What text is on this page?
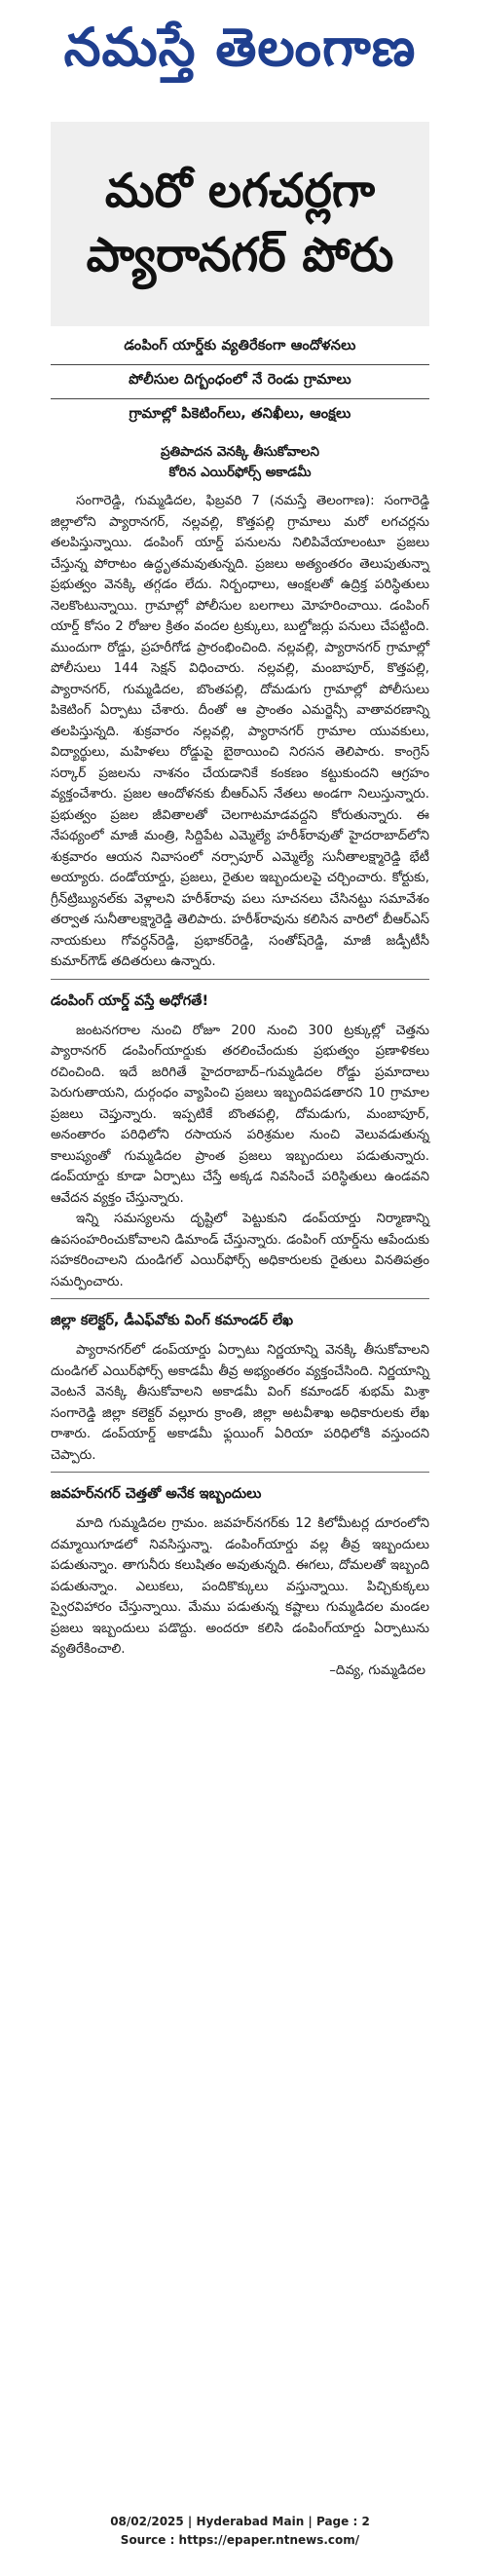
నమస్తే తెలంగాణ
మరో లగచర్లగా
ప్యారానగర్ పోరు
డంపింగ్ యార్డ్‌కు వ్యతిరేకంగా ఆందోళనలు
పోలీసుల దిగ్బంధంలో నే రెండు గ్రామాలు
గ్రామాల్లో పికెటింగ్‌లు, తనిఖీలు, ఆంక్షలు
ప్రతిపాదన వెనక్కి తీసుకోవాలని
కోరిన ఎయిర్‌ఫోర్స్ అకాడమీ

సంగారెడ్డి, గుమ్మడిదల, ఫిబ్రవరి 7 (నమస్తే తెలంగాణ): సంగారెడ్డి జిల్లాలోని ప్యారానగర్, నల్లవల్లి, కొత్తపల్లి గ్రామాలు మరో లగచర్లను తలపిస్తున్నాయి. డంపింగ్ యార్డ్ పనులను నిలిపివేయాలంటూ ప్రజలు చేస్తున్న పోరాటం ఉద్ధృతమవుతున్నది. ప్రజలు అత్యంతరం తెలుపుతున్నా ప్రభుత్వం వెనక్కి తగ్గడం లేదు. నిర్బంధాలు, ఆంక్షలతో ఉద్రిక్త పరిస్థితులు నెలకొంటున్నాయి. గ్రామాల్లో పోలీసుల బలగాలు మోహరించాయి. డంపింగ్ యార్డ్ కోసం 2 రోజుల క్రితం వందల ట్రక్కులు, బుల్డోజర్లు పనులు చేపట్టింది. ముందుగా రోడ్డు, ప్రహరీగోడ ప్రారంభించింది. నల్లవల్లి, ప్యారానగర్ గ్రామాల్లో పోలీసులు 144 సెక్షన్ విధించారు. నల్లవల్లి, మంబాపూర్, కొత్తపల్లి, ప్యారానగర్, గుమ్మడిదల, బొంతపల్లి, దోమడుగు గ్రామాల్లో పోలీసులు పికెటింగ్ ఏర్పాటు చేశారు. దీంతో ఆ ప్రాంతం ఎమర్జెన్సీ వాతావరణాన్ని తలపిస్తున్నది. శుక్రవారం నల్లవల్లి, ప్యారానగర్ గ్రామాల యువకులు, విద్యార్థులు, మహిళలు రోడ్డుపై బైఠాయించి నిరసన తెలిపారు. కాంగ్రెస్ సర్కార్ ప్రజలను నాశనం చేయడానికే కంకణం కట్టుకుందని ఆగ్రహం వ్యక్తంచేశారు. ప్రజల ఆందోళనకు బీఆర్‌ఎస్ నేతలు అండగా నిలుస్తున్నారు. ప్రభుత్వం ప్రజల జీవితాలతో చెలగాటమాడవద్దని కోరుతున్నారు. ఈ నేపథ్యంలో మాజీ మంత్రి, సిద్దిపేట ఎమ్మెల్యే హరీశ్‌రావుతో హైదరాబాద్‌లోని శుక్రవారం ఆయన నివాసంలో నర్సాపూర్ ఎమ్మెల్యే సునీతాలక్ష్మారెడ్డి భేటీ అయ్యారు. దండోయార్డు, ప్రజలు, రైతుల ఇబ్బందులపై చర్చించారు. కోర్టుకు, గ్రీన్‌ట్రిబ్యునల్‌కు వెళ్లాలని హరీశ్‌రావు పలు సూచనలు చేసినట్టు సమావేశం తర్వాత సునీతాలక్ష్మారెడ్డి తెలిపారు. హరీశ్‌రావును కలిసిన వారిలో బీఆర్‌ఎస్ నాయకులు గోవర్ధన్‌రెడ్డి, ప్రభాకర్‌రెడ్డి, సంతోష్‌రెడ్డి, మాజీ జడ్పీటీసీ కుమార్‌గౌడ్ తదితరులు ఉన్నారు.

డంపింగ్ యార్డ్ వస్తే అధోగతే!

జంటనగరాల నుంచి రోజూ 200 నుంచి 300 ట్రక్కుల్లో చెత్తను ప్యారానగర్ డంపింగ్‌యార్డుకు తరలించేందుకు ప్రభుత్వం ప్రణాళికలు రచించింది. ఇదే జరిగితే హైదరాబాద్–గుమ్మడిదల రోడ్డు ప్రమాదాలు పెరుగుతాయని, దుర్గంధం వ్యాపించి ప్రజలు ఇబ్బందిపడతారని 10 గ్రామాల ప్రజలు చెప్తున్నారు. ఇప్పటికే బొంతపల్లి, దోమడుగు, మంబాపూర్, అనంతారం పరిధిలోని రసాయన పరిశ్రమల నుంచి వెలువడుతున్న కాలుష్యంతో గుమ్మడిదల ప్రాంత ప్రజలు ఇబ్బందులు పడుతున్నారు. డంప్‌యార్డు కూడా ఏర్పాటు చేస్తే అక్కడ నివసించే పరిస్థితులు ఉండవని ఆవేదన వ్యక్తం చేస్తున్నారు.

ఇన్ని సమస్యలను దృష్టిలో పెట్టుకుని డంప్‌యార్డు నిర్మాణాన్ని ఉపసంహరించుకోవాలని డిమాండ్ చేస్తున్నారు. డంపింగ్ యార్డ్‌ను ఆపేందుకు సహకరించాలని దుండిగల్ ఎయిర్‌ఫోర్స్ అధికారులకు రైతులు వినతిపత్రం సమర్పించారు.

జిల్లా కలెక్టర్, డీఎఫ్‌వోకు వింగ్ కమాండర్ లేఖ

ప్యారానగర్‌లో డంప్‌యార్డు ఏర్పాటు నిర్ణయాన్ని వెనక్కి తీసుకోవాలని దుండిగల్ ఎయిర్‌ఫోర్స్ అకాడమీ తీవ్ర అభ్యంతరం వ్యక్తంచేసింది. నిర్ణయాన్ని వెంటనే వెనక్కి తీసుకోవాలని అకాడమీ వింగ్ కమాండర్ శుభమ్ మిశ్రా సంగారెడ్డి జిల్లా కలెక్టర్ వల్లూరు క్రాంతి, జిల్లా అటవీశాఖ అధికారులకు లేఖ రాశారు. డంప్‌యార్డ్ అకాడమీ ఫ్లయింగ్ ఏరియా పరిధిలోకి వస్తుందని చెప్పారు.

జవహర్‌నగర్ చెత్తతో అనేక ఇబ్బందులు

మాది గుమ్మడిదల గ్రామం. జవహర్‌నగర్‌కు 12 కిలోమీటర్ల దూరంలోని దమ్మాయిగూడలో నివసిస్తున్నా. డంపింగ్‌యార్డు వల్ల తీవ్ర ఇబ్బందులు పడుతున్నాం. తాగునీరు కలుషితం అవుతున్నది. ఈగలు, దోమలతో ఇబ్బంది పడుతున్నాం. ఎలుకలు, పందికొక్కులు వస్తున్నాయి. పిచ్చికుక్కలు స్వైరవిహారం చేస్తున్నాయి. మేము పడుతున్న కష్టాలు గుమ్మడిదల మండల ప్రజలు ఇబ్బందులు పడొద్దు. అందరూ కలిసి డంపింగ్‌యార్డు ఏర్పాటును వ్యతిరేకించాలి.

–దివ్య, గుమ్మడిదల
08/02/2025 | Hyderabad Main | Page : 2
Source : https://epaper.ntnews.com/
